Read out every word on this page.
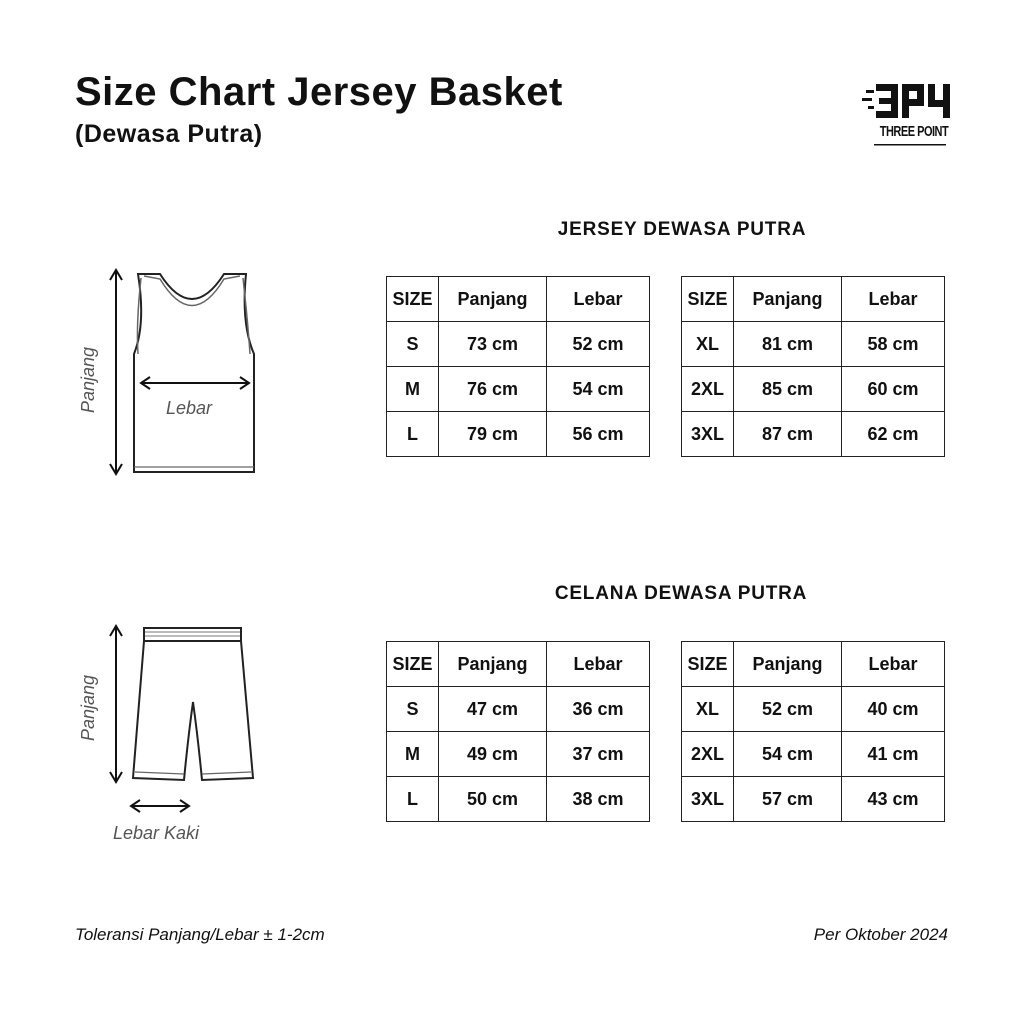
Size Chart Jersey Basket
(Dewasa Putra)	THREE POINT
JERSEY DEWASA PUTRA
Panjang	Lebar
SIZE	Panjang	Lebar
S	73 cm	52 cm
M	76 cm	54 cm
L	79 cm	56 cm
SIZE	Panjang	Lebar
XL	81 cm	58 cm
2XL	85 cm	60 cm
3XL	87 cm	62 cm
CELANA DEWASA PUTRA
Panjang
Lebar Kaki
SIZE	Panjang	Lebar
S	47 cm	36 cm
M	49 cm	37 cm
L	50 cm	38 cm
SIZE	Panjang	Lebar
XL	52 cm	40 cm
2XL	54 cm	41 cm
3XL	57 cm	43 cm
Toleransi Panjang/Lebar ± 1-2cm	Per Oktober 2024
